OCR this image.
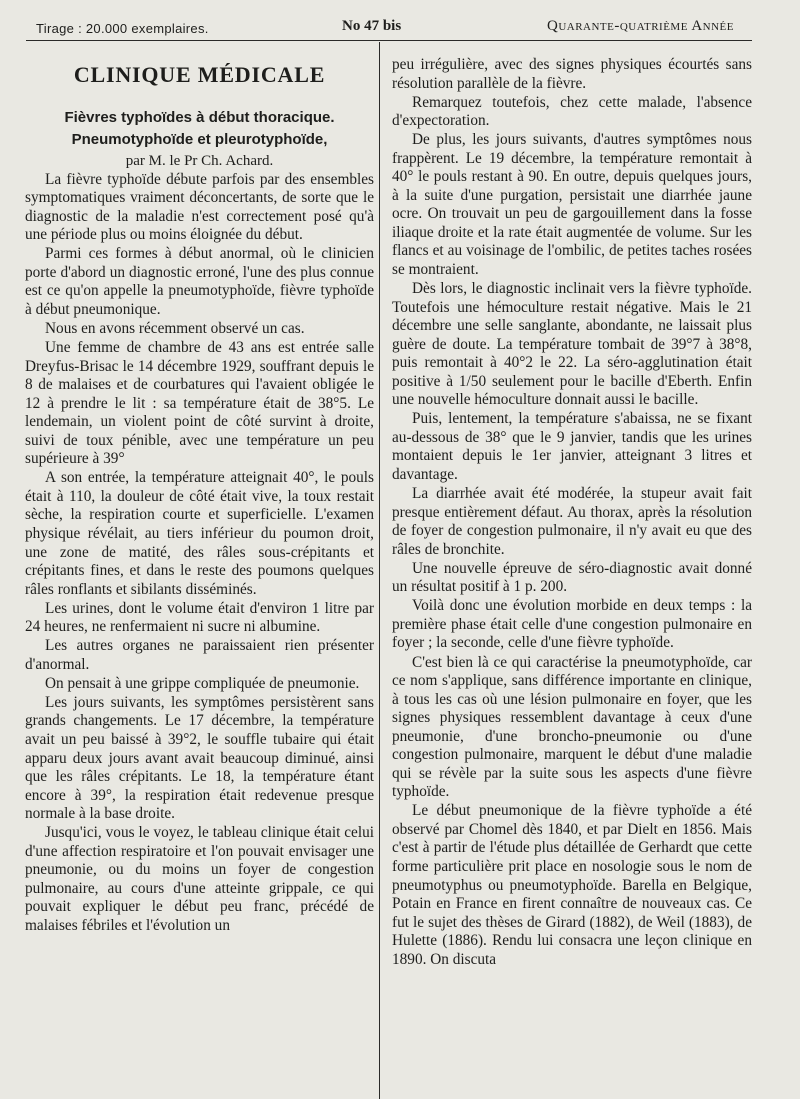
Tirage : 20.000 exemplaires.	No 47 bis	Quarante-quatrième Année
CLINIQUE MÉDICALE

Fièvres typhoïdes à début thoracique.

Pneumotyphoïde et pleurotyphoïde,

par M. le Pr Ch. Achard.

La fièvre typhoïde débute parfois par des ensembles symptomatiques vraiment déconcertants, de sorte que le diagnostic de la maladie n'est correctement posé qu'à une période plus ou moins éloignée du début.

Parmi ces formes à début anormal, où le clinicien porte d'abord un diagnostic erroné, l'une des plus connue est ce qu'on appelle la pneumotyphoïde, fièvre typhoïde à début pneumonique.

Nous en avons récemment observé un cas.

Une femme de chambre de 43 ans est entrée salle Dreyfus-Brisac le 14 décembre 1929, souffrant depuis le 8 de malaises et de courbatures qui l'avaient obligée le 12 à prendre le lit : sa température était de 38°5. Le lendemain, un violent point de côté survint à droite, suivi de toux pénible, avec une température un peu supérieure à 39°

A son entrée, la température atteignait 40°, le pouls était à 110, la douleur de côté était vive, la toux restait sèche, la respiration courte et superficielle. L'examen physique révélait, au tiers inférieur du poumon droit, une zone de matité, des râles sous-crépitants et crépitants fines, et dans le reste des poumons quelques râles ronflants et sibilants disséminés.

Les urines, dont le volume était d'environ 1 litre par 24 heures, ne renfermaient ni sucre ni albumine.

Les autres organes ne paraissaient rien présenter d'anormal.

On pensait à une grippe compliquée de pneumonie.

Les jours suivants, les symptômes persistèrent sans grands changements. Le 17 décembre, la température avait un peu baissé à 39°2, le souffle tubaire qui était apparu deux jours avant avait beaucoup diminué, ainsi que les râles crépitants. Le 18, la température étant encore à 39°, la respiration était redevenue presque normale à la base droite.

Jusqu'ici, vous le voyez, le tableau clinique était celui d'une affection respiratoire et l'on pouvait envisager une pneumonie, ou du moins un foyer de congestion pulmonaire, au cours d'une atteinte grippale, ce qui pouvait expliquer le début peu franc, précédé de malaises fébriles et l'évolution un

peu irrégulière, avec des signes physiques écourtés sans résolution parallèle de la fièvre.

Remarquez toutefois, chez cette malade, l'absence d'expectoration.

De plus, les jours suivants, d'autres symptômes nous frappèrent. Le 19 décembre, la température remontait à 40° le pouls restant à 90. En outre, depuis quelques jours, à la suite d'une purgation, persistait une diarrhée jaune ocre. On trouvait un peu de gargouillement dans la fosse iliaque droite et la rate était augmentée de volume. Sur les flancs et au voisinage de l'ombilic, de petites taches rosées se montraient.

Dès lors, le diagnostic inclinait vers la fièvre typhoïde. Toutefois une hémoculture restait négative. Mais le 21 décembre une selle sanglante, abondante, ne laissait plus guère de doute. La température tombait de 39°7 à 38°8, puis remontait à 40°2 le 22. La séro-agglutination était positive à 1/50 seulement pour le bacille d'Eberth. Enfin une nouvelle hémoculture donnait aussi le bacille.

Puis, lentement, la température s'abaissa, ne se fixant au-dessous de 38° que le 9 janvier, tandis que les urines montaient depuis le 1er janvier, atteignant 3 litres et davantage.

La diarrhée avait été modérée, la stupeur avait fait presque entièrement défaut. Au thorax, après la résolution de foyer de congestion pulmonaire, il n'y avait eu que des râles de bronchite.

Une nouvelle épreuve de séro-diagnostic avait donné un résultat positif à 1 p. 200.

Voilà donc une évolution morbide en deux temps : la première phase était celle d'une congestion pulmonaire en foyer ; la seconde, celle d'une fièvre typhoïde.

C'est bien là ce qui caractérise la pneumotyphoïde, car ce nom s'applique, sans différence importante en clinique, à tous les cas où une lésion pulmonaire en foyer, que les signes physiques ressemblent davantage à ceux d'une pneumonie, d'une broncho-pneumonie ou d'une congestion pulmonaire, marquent le début d'une maladie qui se révèle par la suite sous les aspects d'une fièvre typhoïde.

Le début pneumonique de la fièvre typhoïde a été observé par Chomel dès 1840, et par Dielt en 1856. Mais c'est à partir de l'étude plus détaillée de Gerhardt que cette forme particulière prit place en nosologie sous le nom de pneumotyphus ou pneumotyphoïde. Barella en Belgique, Potain en France en firent connaître de nouveaux cas. Ce fut le sujet des thèses de Girard (1882), de Weil (1883), de Hulette (1886). Rendu lui consacra une leçon clinique en 1890. On discuta
